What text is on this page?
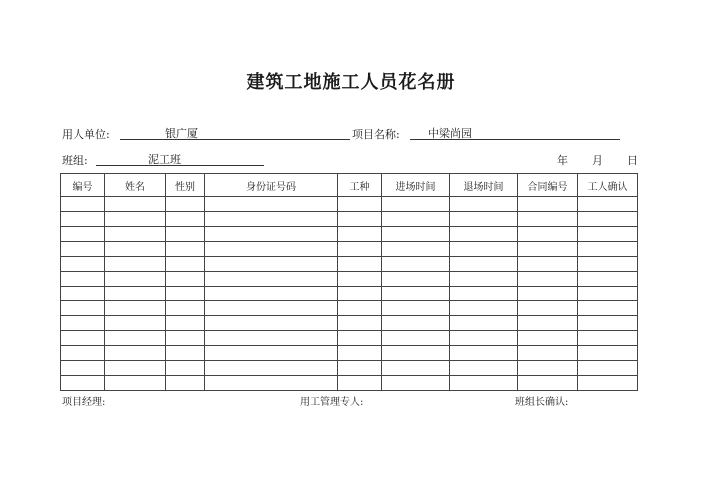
建筑工地施工人员花名册
用人单位:	银广厦	项目名称:	中梁尚园
班组:	泥工班	年 月 日
编号	姓名	性别	身份证号码	工种	进场时间	退场时间	合同编号	工人确认

项目经理:	用工管理专人:	班组长确认:
